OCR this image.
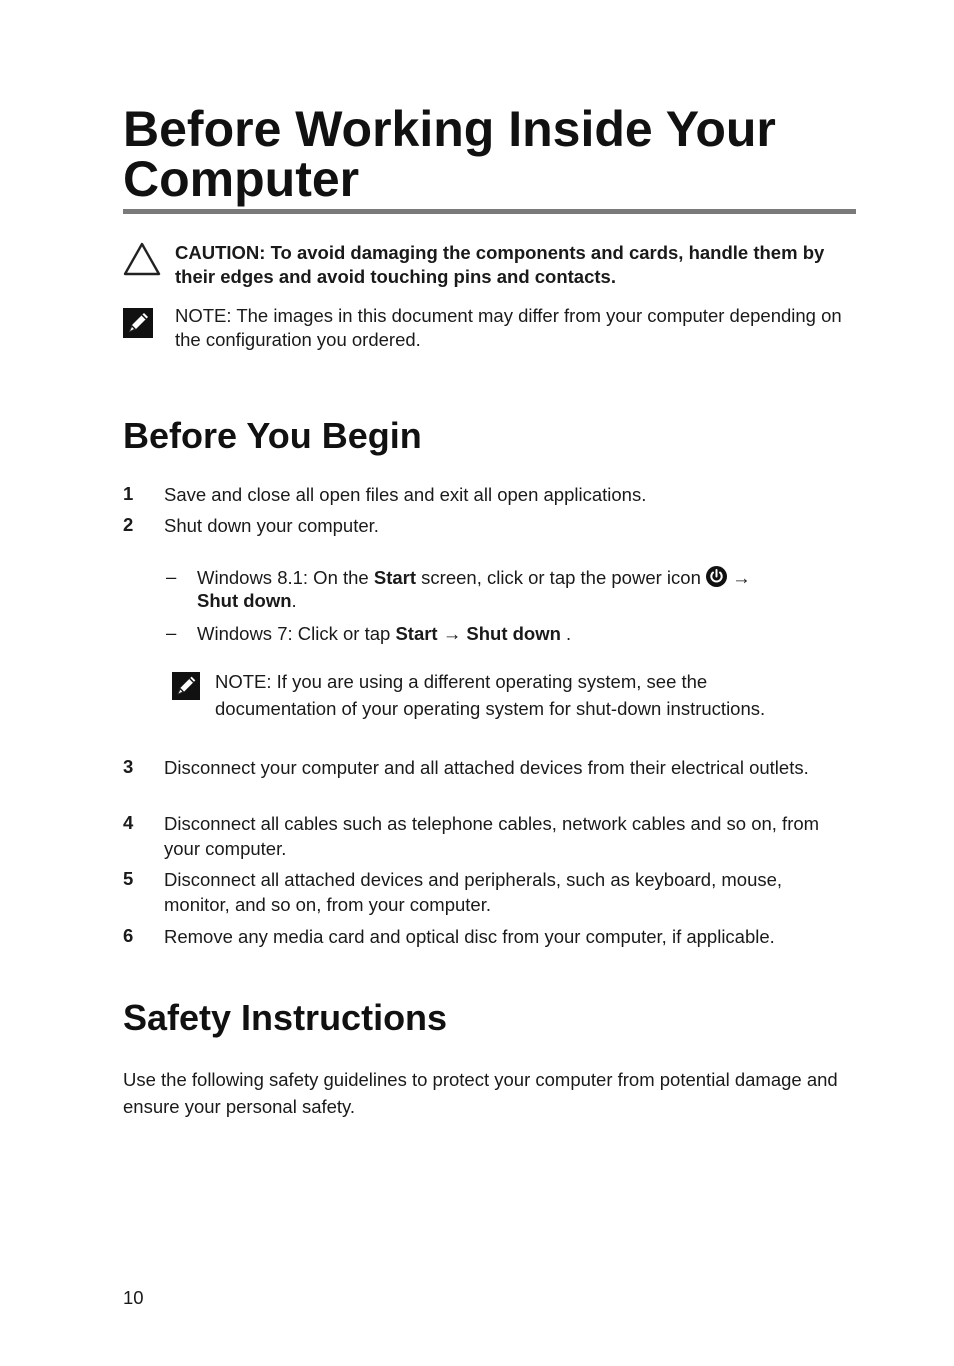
Before Working Inside Your Computer
CAUTION: To avoid damaging the components and cards, handle them by their edges and avoid touching pins and contacts.
NOTE: The images in this document may differ from your computer depending on the configuration you ordered.
Before You Begin
1	Save and close all open files and exit all open applications.
2	Shut down your computer.
– Windows 8.1: On the Start screen, click or tap the power icon →
Shut down.
– Windows 7: Click or tap Start → Shut down .
NOTE: If you are using a different operating system, see the documentation of your operating system for shut-down instructions.
3	Disconnect your computer and all attached devices from their electrical outlets.
4	Disconnect all cables such as telephone cables, network cables and so on, from your computer.
5	Disconnect all attached devices and peripherals, such as keyboard, mouse, monitor, and so on, from your computer.
6	Remove any media card and optical disc from your computer, if applicable.
Safety Instructions
Use the following safety guidelines to protect your computer from potential damage and ensure your personal safety.
10
